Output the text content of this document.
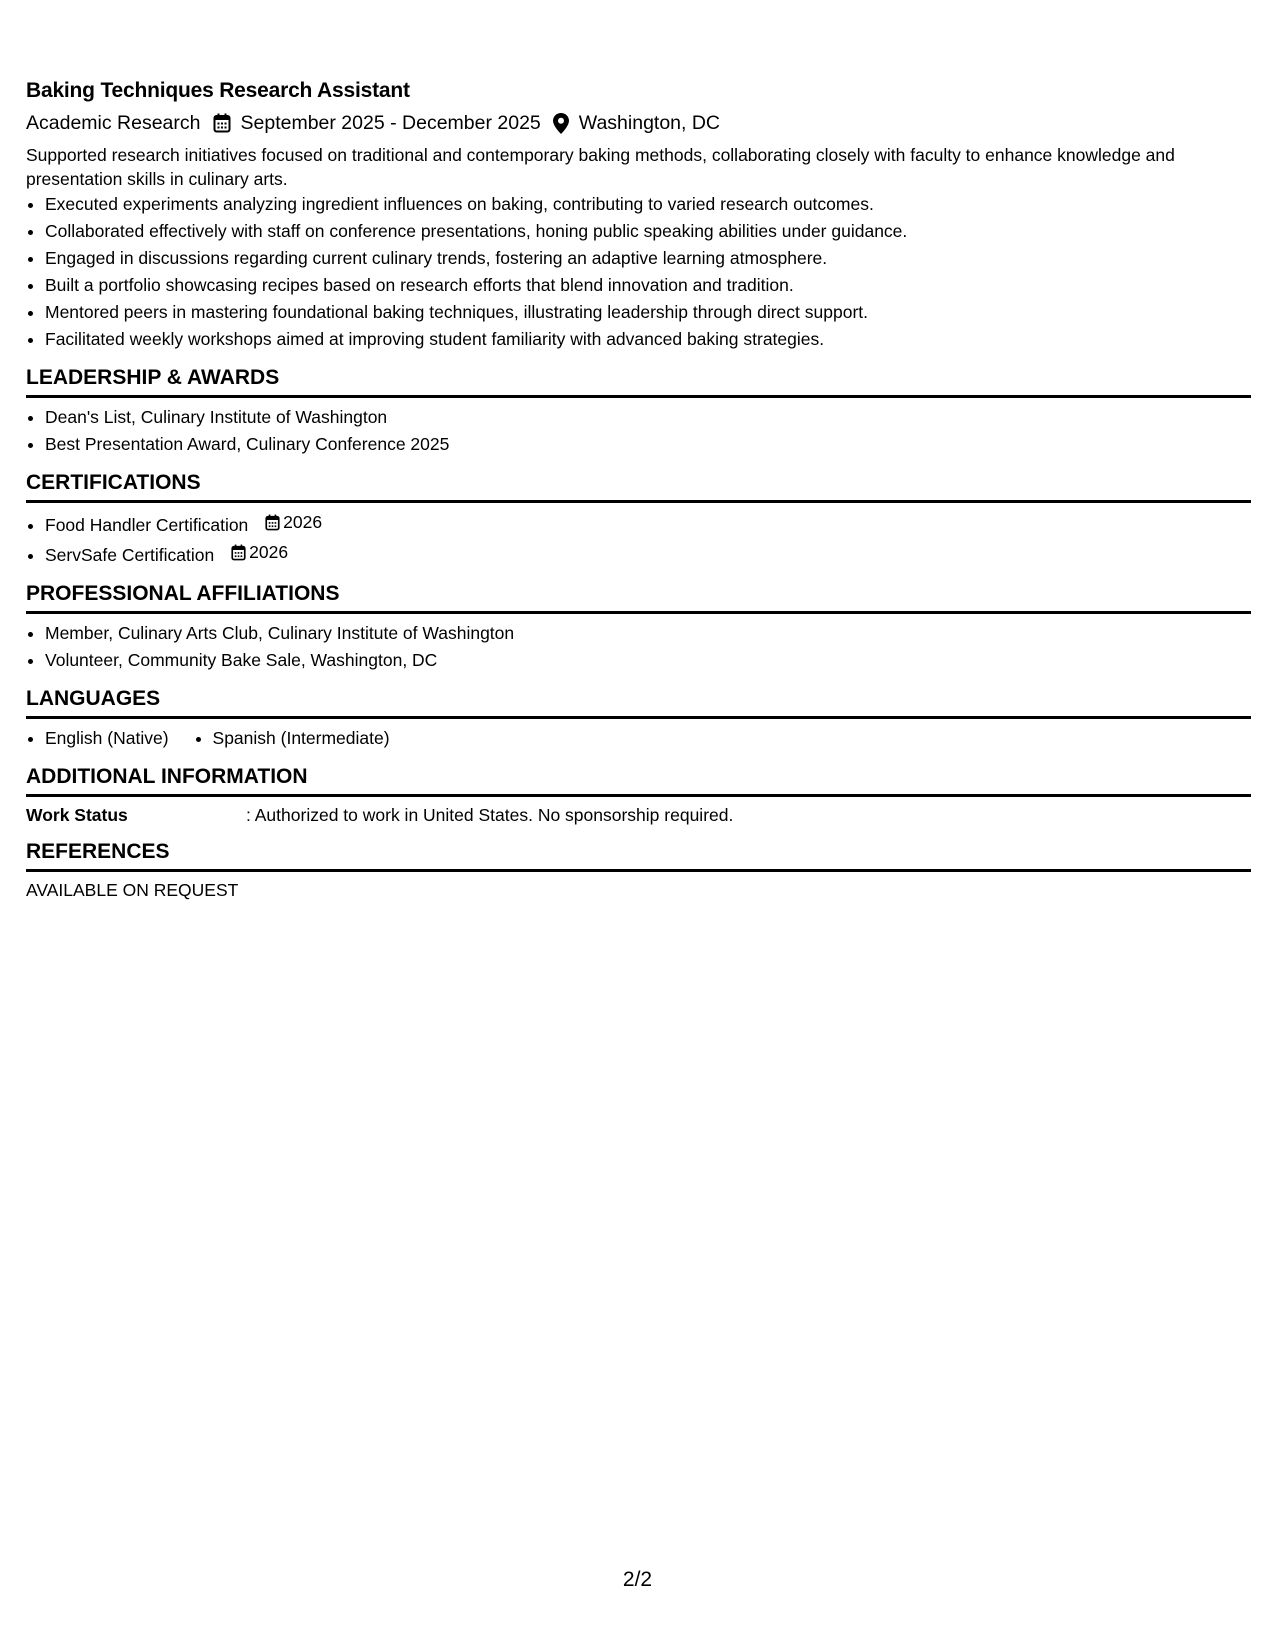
Baking Techniques Research Assistant
Academic Research September 2025 - December 2025 Washington, DC
Supported research initiatives focused on traditional and contemporary baking methods, collaborating closely with faculty to enhance knowledge and presentation skills in culinary arts.
• Executed experiments analyzing ingredient influences on baking, contributing to varied research outcomes.
• Collaborated effectively with staff on conference presentations, honing public speaking abilities under guidance.
• Engaged in discussions regarding current culinary trends, fostering an adaptive learning atmosphere.
• Built a portfolio showcasing recipes based on research efforts that blend innovation and tradition.
• Mentored peers in mastering foundational baking techniques, illustrating leadership through direct support.
• Facilitated weekly workshops aimed at improving student familiarity with advanced baking strategies.
LEADERSHIP & AWARDS
• Dean's List, Culinary Institute of Washington
• Best Presentation Award, Culinary Conference 2025
CERTIFICATIONS
• Food Handler Certification 2026
• ServSafe Certification 2026
PROFESSIONAL AFFILIATIONS
• Member, Culinary Arts Club, Culinary Institute of Washington
• Volunteer, Community Bake Sale, Washington, DC
LANGUAGES
• English (Native)
•	Spanish (Intermediate)
ADDITIONAL INFORMATION
Work Status	: Authorized to work in United States. No sponsorship required.
REFERENCES
AVAILABLE ON REQUEST
2/2
